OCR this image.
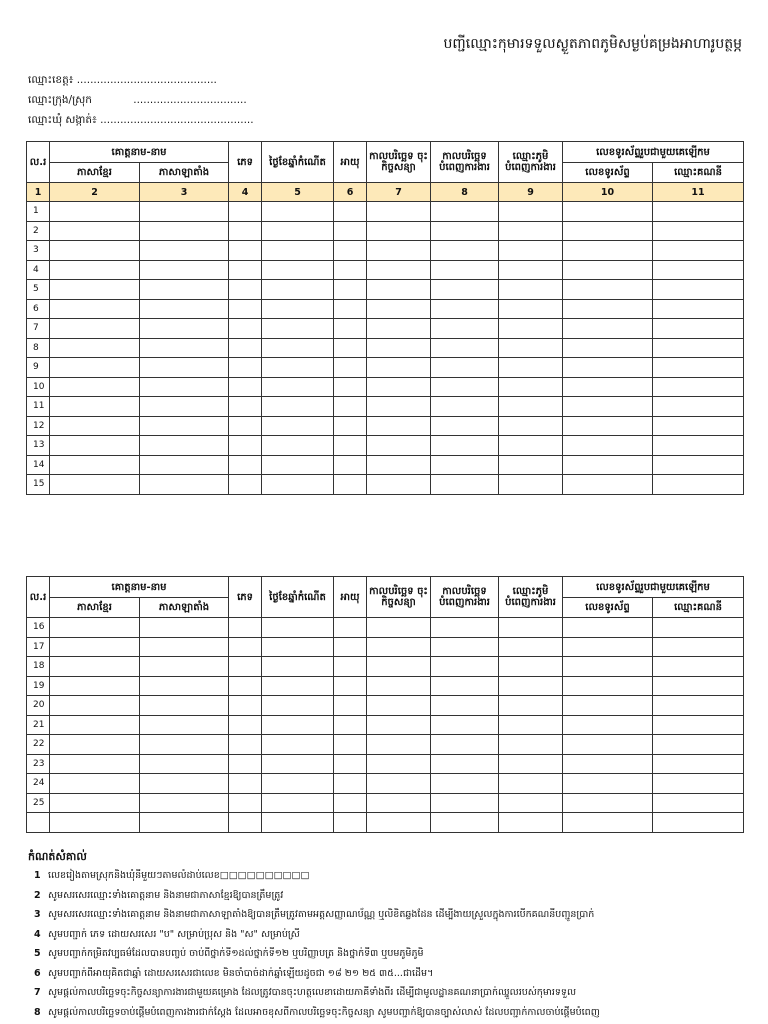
បញ្ជីឈ្មោះកុមារទទួលស្ងួតភាពភូមិសម្ងប់គម្រងអាហារូបត្ថម្ភ
ឈ្មោះខេត្ត៖ ..........................................
ឈ្មោះក្រុង/ស្រុក	..................................
ឈ្មោះឃុំ សង្កាត់៖ ..............................................
ល.រ	គោត្តនាម-នាម		ភេទ	ថ្ងៃខែឆ្នាំកំណើត	អាយុ	កាលបរិច្ឆេទ ចុះកិច្ចសន្យា	កាលបរិច្ឆេទ បំពេញការងារ	ឈ្មោះភូមិ បំពេញការងារ	លេខទូរស័ព្ទរួបជាមួយគេឡើកម	
	ភាសាខ្មែរ	ភាសាឡាតាំង							លេខទូរស័ព្ទ	ឈ្មោះគណនី
1	2	3	4	5	6	7	8	9	10	11
1										
2										
3										
4										
5										
6										
7										
8										
9										
10										
11										
12										
13										
14										
15										
ល.រ	គោត្តនាម-នាម		ភេទ	ថ្ងៃខែឆ្នាំកំណើត	អាយុ	កាលបរិច្ឆេទ ចុះកិច្ចសន្យា	កាលបរិច្ឆេទ បំពេញការងារ	ឈ្មោះភូមិ បំពេញការងារ	លេខទូរស័ព្ទរួបជាមួយគេឡើកម	
	ភាសាខ្មែរ	ភាសាឡាតាំង							លេខទូរស័ព្ទ	ឈ្មោះគណនី
16										
17										
18										
19										
20										
21										
22										
23										
24										
25										

កំណត់សំគាល់
1 លេខរៀងតាមស្រុកនិងឃុំនីមួយៗតាមលំដាប់លេខ□□□□□□□□□□
2 សូមសរសេរឈ្មោះទាំងគោត្តនាម និងនាមជាភាសាខ្មែរឱ្យបានត្រឹមត្រូវ
3 សូមសរសេរឈ្មោះទាំងគោត្តនាម និងនាមជាភាសាឡាតាំងឱ្យបានត្រឹមត្រូវតាមអត្តសញ្ញាណប័ណ្ណ ឬលិខិតឆ្លងដែន ដើម្បីងាយស្រួលក្នុងការបើកគណនីបញ្ជូនប្រាក់
4 សូមបញ្ជាក់ ភេទ ដោយសរសេរ "ប" សម្រាប់ប្រុស និង "ស" សម្រាប់ស្រី
5 សូមបញ្ជាក់កម្រិតវប្បធម៌ដែលបានបញ្ចប់ ចាប់ពីថ្នាក់ទី១ដល់ថ្នាក់ទី១២ ឬបរិញ្ញាបត្រ និងថ្នាក់ទី៣ ឬបមភូមិភូមិ
6 សូមបញ្ជាក់ពីអាយុគិតជាឆ្នាំ ដោយសរសេរជាលេខ មិនចាំបាច់ដាក់ឆ្នាំឡើយដូចជា ១៨ ២១ ២៥ ៣៥...ជាដើម។
7 សូមផ្តល់កាលបរិច្ឆេទចុះកិច្ចសន្យាការងារជាមួយគម្រោង ដែលត្រូវបានចុះហត្ថលេខាដោយភាគីទាំងពីរ ដើម្បីជាមូលដ្ឋានគណនាប្រាក់ឈ្នួលរបស់កុមារទទួល
8 សូមផ្តល់កាលបរិច្ឆេទចាប់ផ្តើមបំពេញការងារជាក់ស្តែង ដែលអាចខុសពីកាលបរិច្ឆេទចុះកិច្ចសន្យា សូមបញ្ជាក់ឱ្យបានច្បាស់លាស់ ដែលបញ្ជាក់កាលចាប់ផ្តើមបំពេញ
